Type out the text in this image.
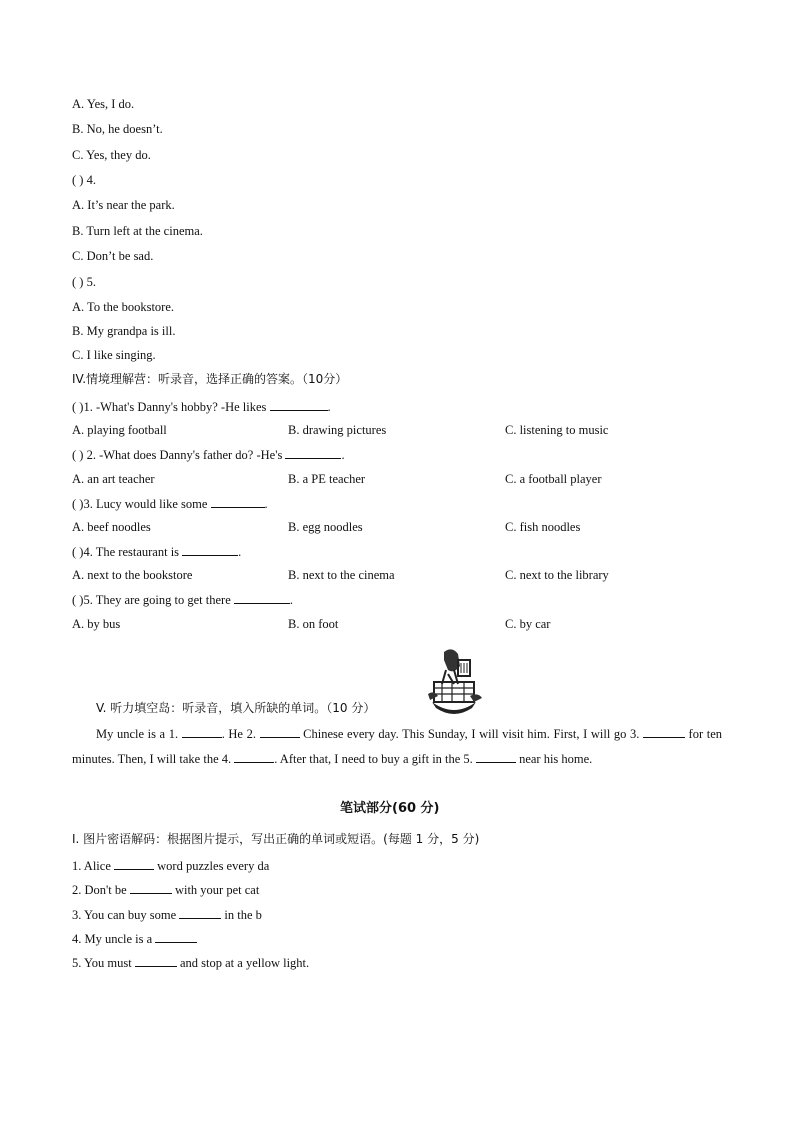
A. Yes, I do.
B. No, he doesn’t.
C. Yes, they do.
( ) 4.
A. It’s near the park.
B. Turn left at the cinema.
C. Don’t be sad.
( ) 5.
A. To the bookstore.
B. My grandpa is ill.
C. I like singing.
IV.情境理解营：听录音，选择正确的答案。（10分）
( )1. -What's Danny's hobby? -He likes	.
A. playing football	B. drawing pictures	C. listening to music
( ) 2. -What does Danny's father do? -He's	.
A. an art teacher	B. a PE teacher	C. a football player
( )3. Lucy would like some	.
A. beef noodles	B. egg noodles	C. fish noodles
( )4. The restaurant is	.
A. next to the bookstore	B. next to the cinema	C. next to the library
( )5. They are going to get there	.
A. by bus	B. on foot	C. by car
V. 听力填空岛：听录音，填入所缺的单词。（10 分）
My uncle is a 1.	. He 2.	Chinese every day. This Sunday, I will visit him. First, I will go 3.	for ten minutes. Then, I will take the 4.	. After that, I need to buy a gift in the 5.	near his home.
笔试部分(60 分)
I. 图片密语解码：根据图片提示，写出正确的单词或短语。(每题 1 分，5 分)
1. Alice	word puzzles every da
2. Don't be	with your pet cat
3. You can buy some	in the b
4. My uncle is a
5. You must	and stop at a yellow light.
